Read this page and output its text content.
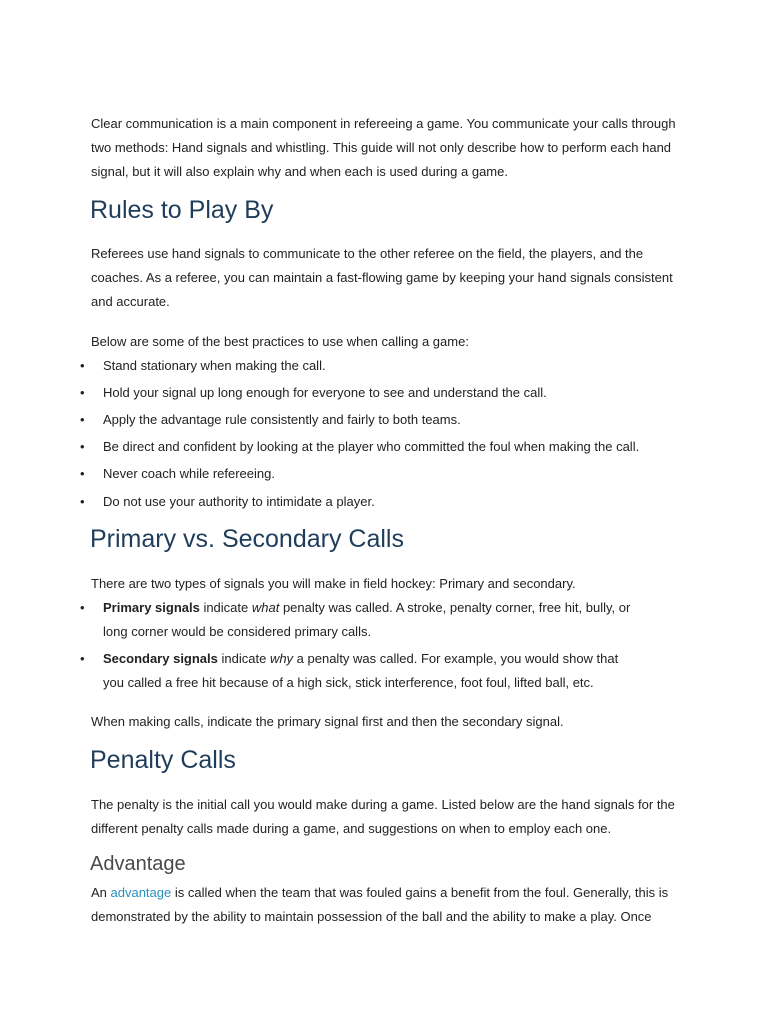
Clear communication is a main component in refereeing a game. You communicate your calls through two methods: Hand signals and whistling. This guide will not only describe how to perform each hand signal, but it will also explain why and when each is used during a game.

Rules to Play By

Referees use hand signals to communicate to the other referee on the field, the players, and the coaches. As a referee, you can maintain a fast-flowing game by keeping your hand signals consistent and accurate.

Below are some of the best practices to use when calling a game:

• Stand stationary when making the call.
• Hold your signal up long enough for everyone to see and understand the call.
• Apply the advantage rule consistently and fairly to both teams.
• Be direct and confident by looking at the player who committed the foul when making the call.
• Never coach while refereeing.
• Do not use your authority to intimidate a player.
Primary vs. Secondary Calls

There are two types of signals you will make in field hockey: Primary and secondary.

• Primary signals indicate what penalty was called. A stroke, penalty corner, free hit, bully, or long corner would be considered primary calls.
• Secondary signals indicate why a penalty was called. For example, you would show that you called a free hit because of a high sick, stick interference, foot foul, lifted ball, etc.

When making calls, indicate the primary signal first and then the secondary signal.

Penalty Calls

The penalty is the initial call you would make during a game. Listed below are the hand signals for the different penalty calls made during a game, and suggestions on when to employ each one.

Advantage

An advantage is called when the team that was fouled gains a benefit from the foul. Generally, this is demonstrated by the ability to maintain possession of the ball and the ability to make a play. Once
